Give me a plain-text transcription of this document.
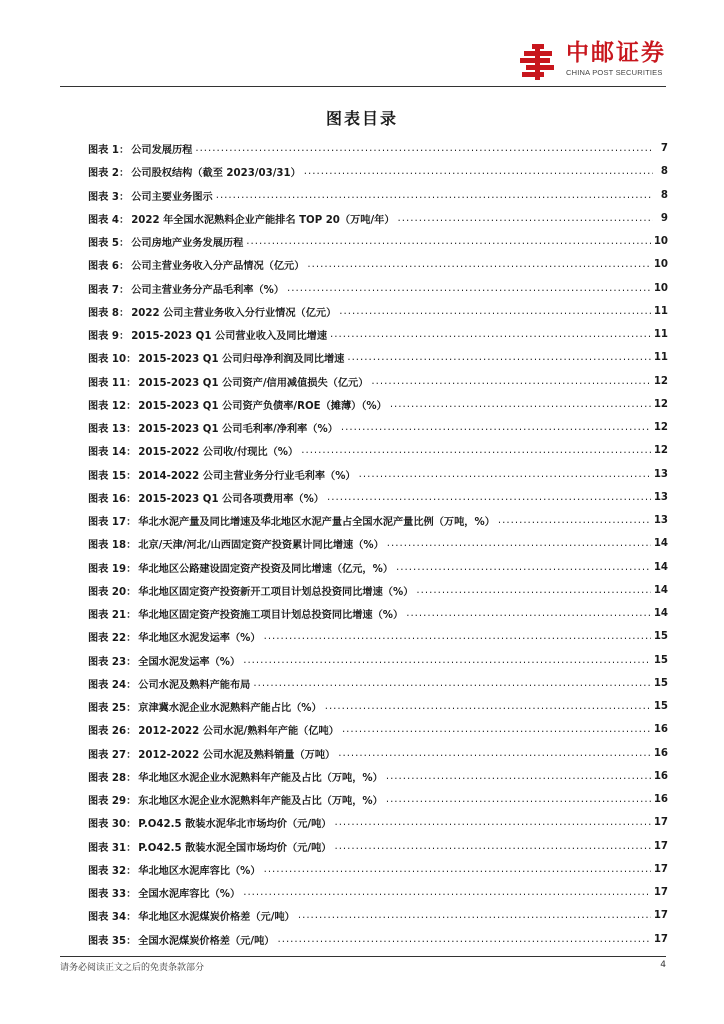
中邮证券
CHINA POST SECURITIES
图表目录
图表 1： 公司发展历程 .....	7
图表 2： 公司股权结构（截至 2023/03/31） .....	8
图表 3： 公司主要业务图示 .....	8
图表 4： 2022 年全国水泥熟料企业产能排名 TOP 20（万吨/年） .....	9
图表 5： 公司房地产业务发展历程 .....	10
图表 6： 公司主营业务收入分产品情况（亿元） .....	10
图表 7： 公司主营业务分产品毛利率（%） .....	10
图表 8： 2022 公司主营业务收入分行业情况（亿元） .....	11
图表 9： 2015-2023 Q1 公司营业收入及同比增速 .....	11
图表 10： 2015-2023 Q1 公司归母净利润及同比增速 .....	11
图表 11： 2015-2023 Q1 公司资产/信用减值损失（亿元） .....	12
图表 12： 2015-2023 Q1 公司资产负债率/ROE（摊薄）（%） .....	12
图表 13： 2015-2023 Q1 公司毛利率/净利率（%） .....	12
图表 14： 2015-2022 公司收/付现比（%） .....	12
图表 15： 2014-2022 公司主营业务分行业毛利率（%） .....	13
图表 16： 2015-2023 Q1 公司各项费用率（%） .....	13
图表 17： 华北水泥产量及同比增速及华北地区水泥产量占全国水泥产量比例（万吨，%） .....	13
图表 18： 北京/天津/河北/山西固定资产投资累计同比增速（%） .....	14
图表 19： 华北地区公路建设固定资产投资及同比增速（亿元，%） .....	14
图表 20： 华北地区固定资产投资新开工项目计划总投资同比增速（%） .....	14
图表 21： 华北地区固定资产投资施工项目计划总投资同比增速（%） .....	14
图表 22： 华北地区水泥发运率（%） .....	15
图表 23： 全国水泥发运率（%） .....	15
图表 24： 公司水泥及熟料产能布局 .....	15
图表 25： 京津冀水泥企业水泥熟料产能占比（%） .....	15
图表 26： 2012-2022 公司水泥/熟料年产能（亿吨） .....	16
图表 27： 2012-2022 公司水泥及熟料销量（万吨） .....	16
图表 28： 华北地区水泥企业水泥熟料年产能及占比（万吨，%） .....	16
图表 29： 东北地区水泥企业水泥熟料年产能及占比（万吨，%） .....	16
图表 30： P.O42.5 散装水泥华北市场均价（元/吨） .....	17
图表 31： P.O42.5 散装水泥全国市场均价（元/吨） .....	17
图表 32： 华北地区水泥库容比（%） .....	17
图表 33： 全国水泥库容比（%） .....	17
图表 34： 华北地区水泥煤炭价格差（元/吨） .....	17
图表 35： 全国水泥煤炭价格差（元/吨） .....	17
请务必阅读正文之后的免责条款部分	4
